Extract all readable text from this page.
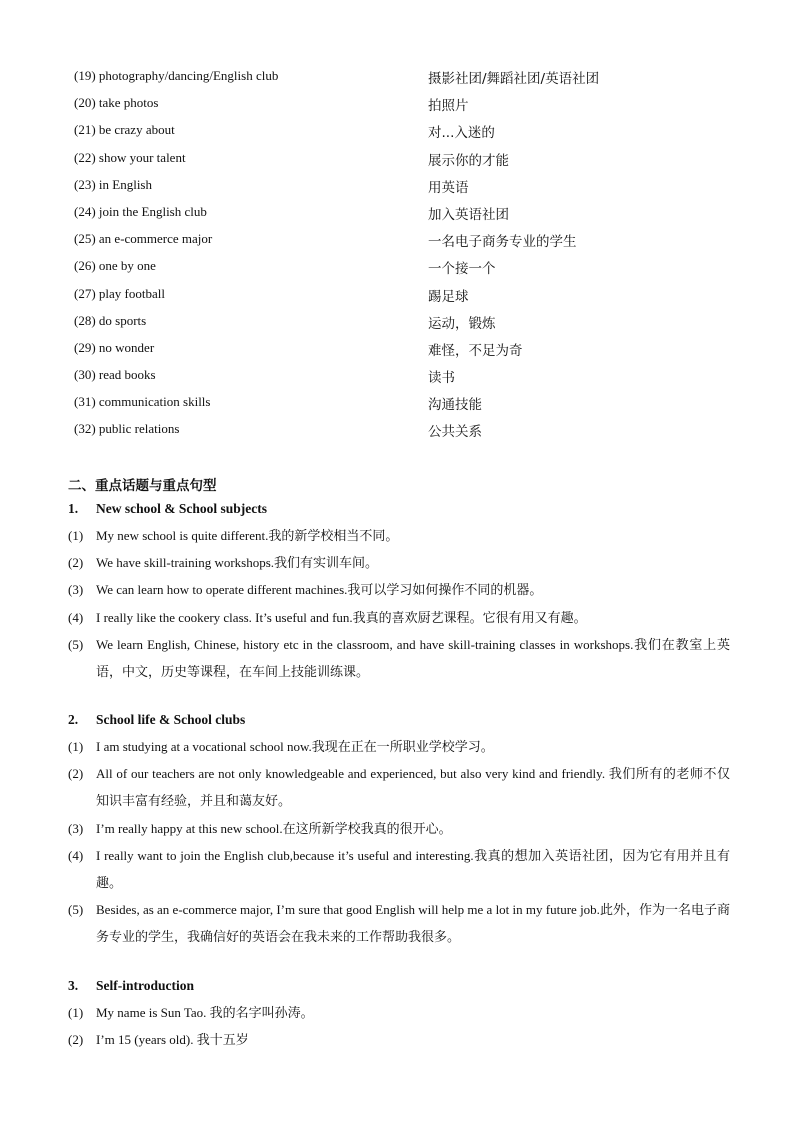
(19) photography/dancing/English club	摄影社团/舞蹈社团/英语社团
(20) take photos	拍照片
(21) be crazy about	对...入迷的
(22) show your talent	展示你的才能
(23) in English	用英语
(24) join the English club	加入英语社团
(25) an e-commerce major	一名电子商务专业的学生
(26) one by one	一个接一个
(27) play football	踢足球
(28) do sports	运动，锻炼
(29) no wonder	难怪，不足为奇
(30) read books	读书
(31) communication skills	沟通技能
(32) public relations	公共关系
二、重点话题与重点句型
1. New school & School subjects
(1) My new school is quite different.我的新学校相当不同。
(2) We have skill-training workshops.我们有实训车间。
(3) We can learn how to operate different machines.我可以学习如何操作不同的机器。
(4) I really like the cookery class. It’s useful and fun.我真的喜欢厨艺课程。它很有用又有趣。
(5) We learn English, Chinese, history etc in the classroom, and have skill-training classes in workshops.我们在教室上英语，中文，历史等课程，在车间上技能训练课。
2. School life & School clubs
(1) I am studying at a vocational school now.我现在正在一所职业学校学习。
(2) All of our teachers are not only knowledgeable and experienced, but also very kind and friendly. 我们所有的老师不仅知识丰富有经验，并且和蔼友好。
(3) I’m really happy at this new school.在这所新学校我真的很开心。
(4) I really want to join the English club,because it’s useful and interesting.我真的想加入英语社团，因为它有用并且有趣。
(5) Besides, as an e-commerce major, I’m sure that good English will help me a lot in my future job.此外，作为一名电子商务专业的学生，我确信好的英语会在我未来的工作帮助我很多。
3. Self-introduction
(1) My name is Sun Tao. 我的名字叫孙涛。
(2) I’m 15 (years old). 我十五岁
